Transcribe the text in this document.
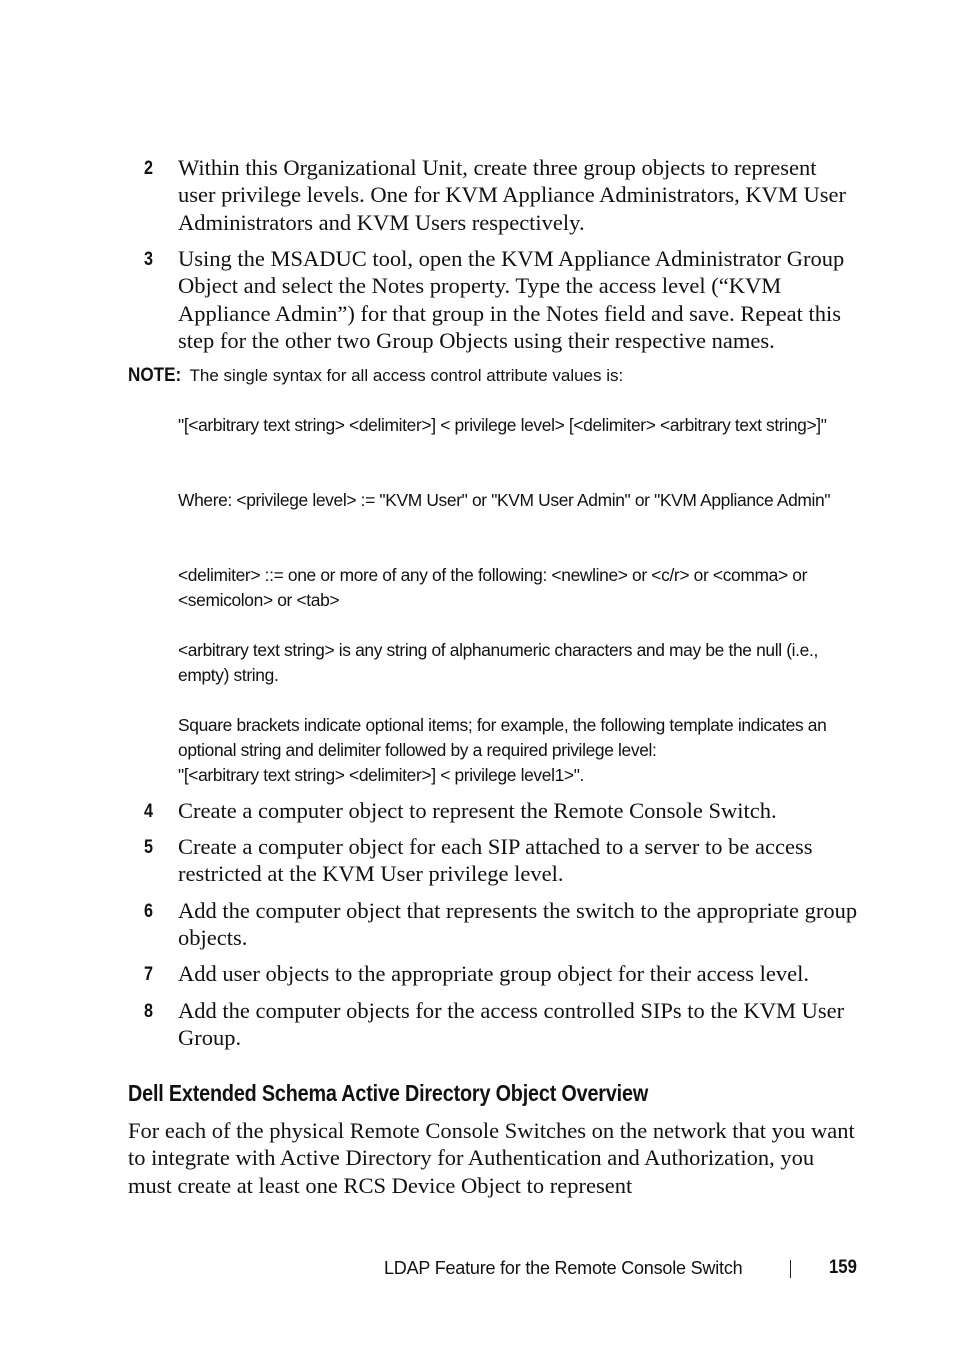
2	Within this Organizational Unit, create three group objects to represent user privilege levels. One for KVM Appliance Administrators, KVM User Administrators and KVM Users respectively.
3	Using the MSADUC tool, open the KVM Appliance Administrator Group Object and select the Notes property. Type the access level (“KVM Appliance Admin”) for that group in the Notes field and save. Repeat this step for the other two Group Objects using their respective names.
NOTE: The single syntax for all access control attribute values is:

"[<arbitrary text string> <delimiter>] < privilege level> [<delimiter> <arbitrary text string>]"

Where: <privilege level> := "KVM User" or "KVM User Admin" or "KVM Appliance Admin"

<delimiter> ::= one or more of any of the following: <newline> or <c/r> or <comma> or <semicolon> or <tab>

<arbitrary text string> is any string of alphanumeric characters and may be the null (i.e., empty) string.

Square brackets indicate optional items; for example, the following template indicates an optional string and delimiter followed by a required privilege level:

"[<arbitrary text string> <delimiter>] < privilege level1>".

4	Create a computer object to represent the Remote Console Switch.
5	Create a computer object for each SIP attached to a server to be access restricted at the KVM User privilege level.
6	Add the computer object that represents the switch to the appropriate group objects.
7	Add user objects to the appropriate group object for their access level.
8	Add the computer objects for the access controlled SIPs to the KVM User Group.
Dell Extended Schema Active Directory Object Overview
For each of the physical Remote Console Switches on the network that you want to integrate with Active Directory for Authentication and Authorization, you must create at least one RCS Device Object to represent
LDAP Feature for the Remote Console Switch	159
